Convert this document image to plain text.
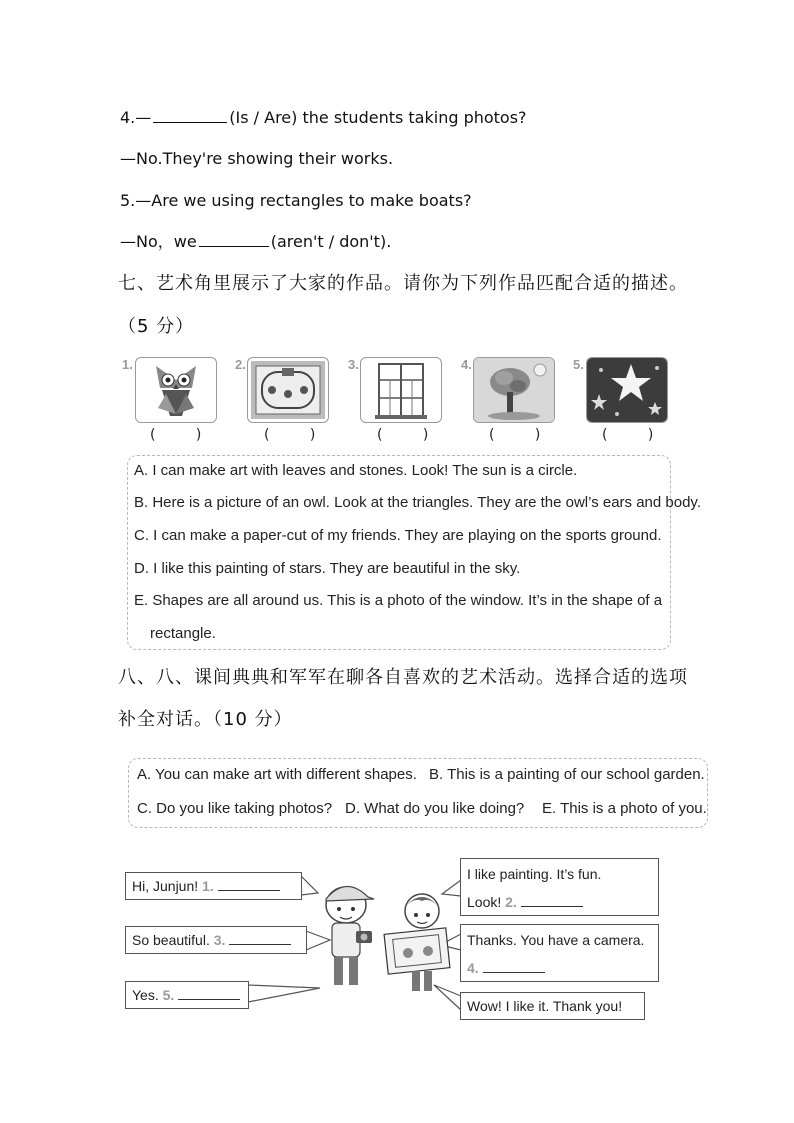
4.—	(Is / Are) the students taking photos?
—No.They're showing their works.
5.—Are we using rectangles to make boats?
—No，we	(aren't / don't).
七、艺术角里展示了大家的作品。请你为下列作品匹配合适的描述。
（5 分）
1.	2.	3.	4.	5.
( )	( )	( )	( )	( )
A. I can make art with leaves and stones. Look! The sun is a circle.
B. Here is a picture of an owl. Look at the triangles. They are the owl’s ears and body.
C. I can make a paper-cut of my friends. They are playing on the sports ground.
D. I like this painting of stars. They are beautiful in the sky.
E. Shapes are all around us. This is a photo of the window. It’s in the shape of a
rectangle.
八、八、课间典典和军军在聊各自喜欢的艺术活动。选择合适的选项
补全对话。（10 分）
A. You can make art with different shapes. B. This is a painting of our school garden.
C. Do you like taking photos? D. What do you like doing? E. This is a photo of you.
Hi, Junjun! 1.
So beautiful. 3.
Yes. 5.
I like painting. It’s fun.
Look! 2.
Thanks. You have a camera.
4.
Wow! I like it. Thank you!
